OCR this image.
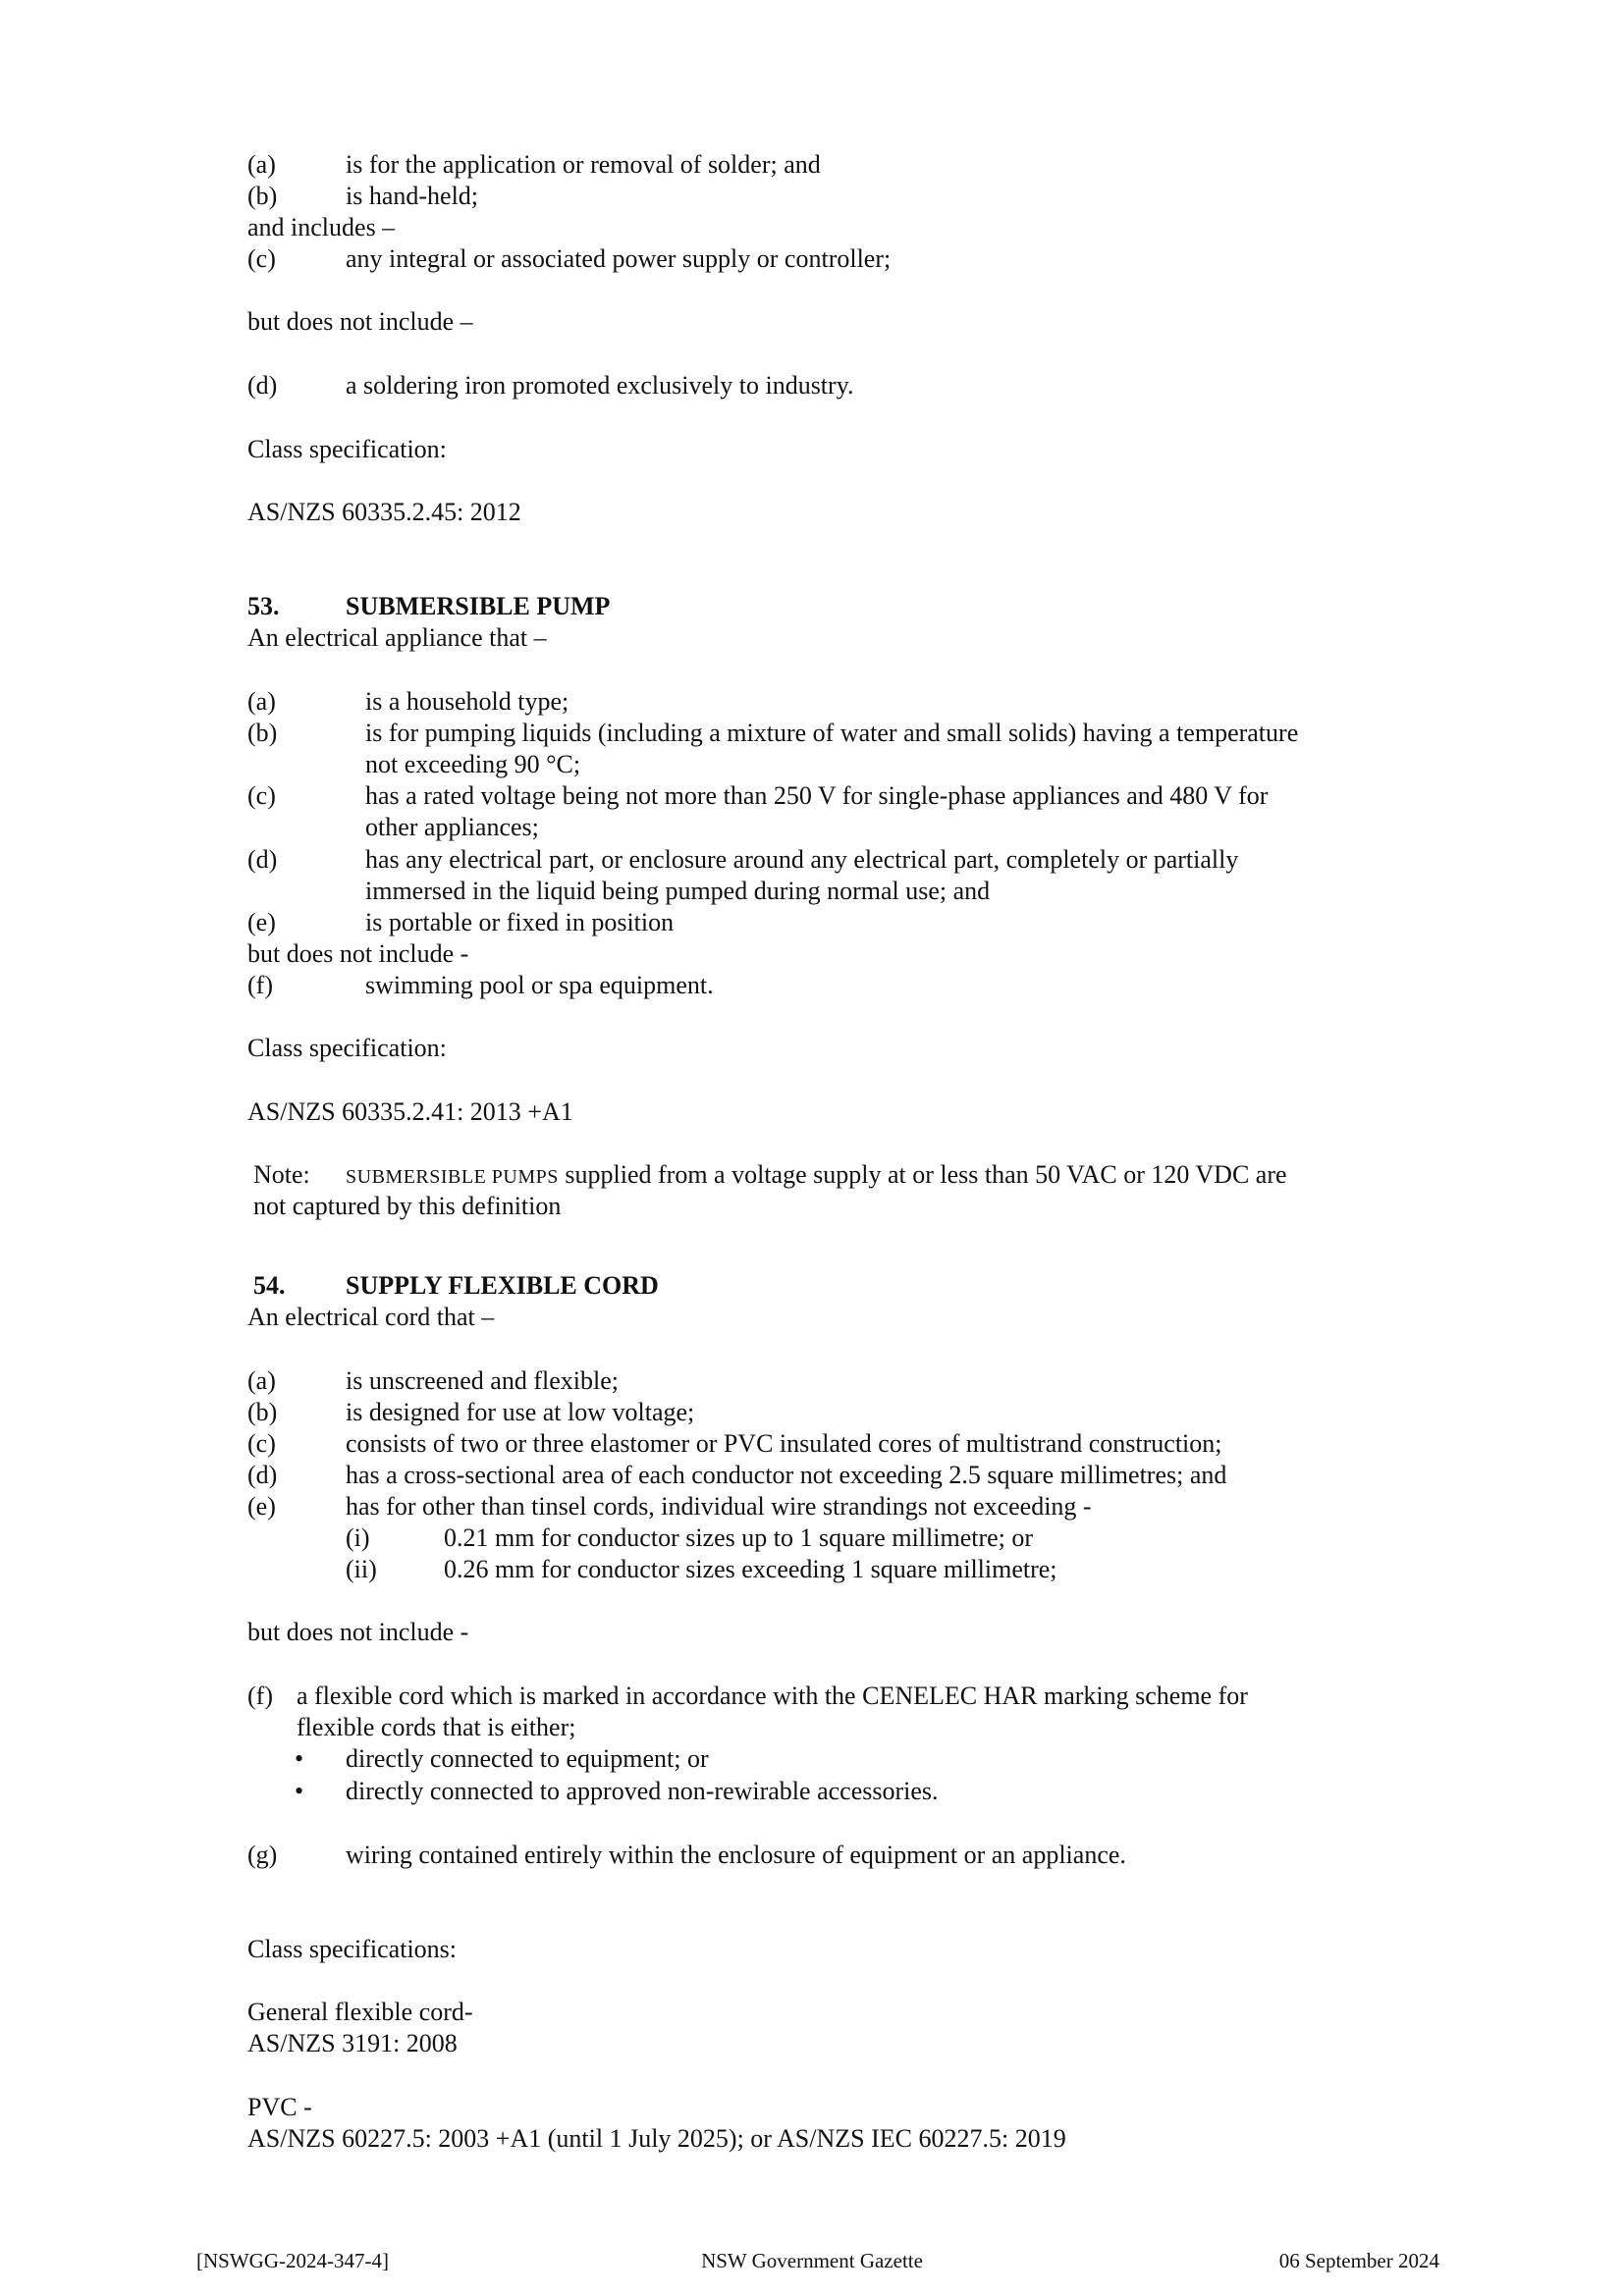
(a)	is for the application or removal of solder; and
(b)	is hand-held;
and includes –
(c)	any integral or associated power supply or controller;
but does not include –
(d)	a soldering iron promoted exclusively to industry.
Class specification:
AS/NZS 60335.2.45: 2012
53.	SUBMERSIBLE PUMP
An electrical appliance that –
(a)	is a household type;
(b)	is for pumping liquids (including a mixture of water and small solids) having a temperature
not exceeding 90 °C;
(c)	has a rated voltage being not more than 250 V for single-phase appliances and 480 V for
other appliances;
(d)	has any electrical part, or enclosure around any electrical part, completely or partially
immersed in the liquid being pumped during normal use; and
(e)	is portable or fixed in position
but does not include -
(f)	swimming pool or spa equipment.
Class specification:
AS/NZS 60335.2.41: 2013 +A1
Note: SUBMERSIBLE PUMPS supplied from a voltage supply at or less than 50 VAC or 120 VDC are
not captured by this definition
54. SUPPLY FLEXIBLE CORD
An electrical cord that –
(a)	is unscreened and flexible;
(b)	is designed for use at low voltage;
(c)	consists of two or three elastomer or PVC insulated cores of multistrand construction;
(d)	has a cross-sectional area of each conductor not exceeding 2.5 square millimetres; and
(e)	has for other than tinsel cords, individual wire strandings not exceeding -
(i)	0.21 mm for conductor sizes up to 1 square millimetre; or
(ii)	0.26 mm for conductor sizes exceeding 1 square millimetre;
but does not include -
(f) a flexible cord which is marked in accordance with the CENELEC HAR marking scheme for
flexible cords that is either;
• directly connected to equipment; or
• directly connected to approved non-rewirable accessories.
(g)	wiring contained entirely within the enclosure of equipment or an appliance.
Class specifications:
General flexible cord-
AS/NZS 3191: 2008
PVC -
AS/NZS 60227.5: 2003 +A1 (until 1 July 2025); or AS/NZS IEC 60227.5: 2019
[NSWGG-2024-347-4]	NSW Government Gazette	06 September 2024
